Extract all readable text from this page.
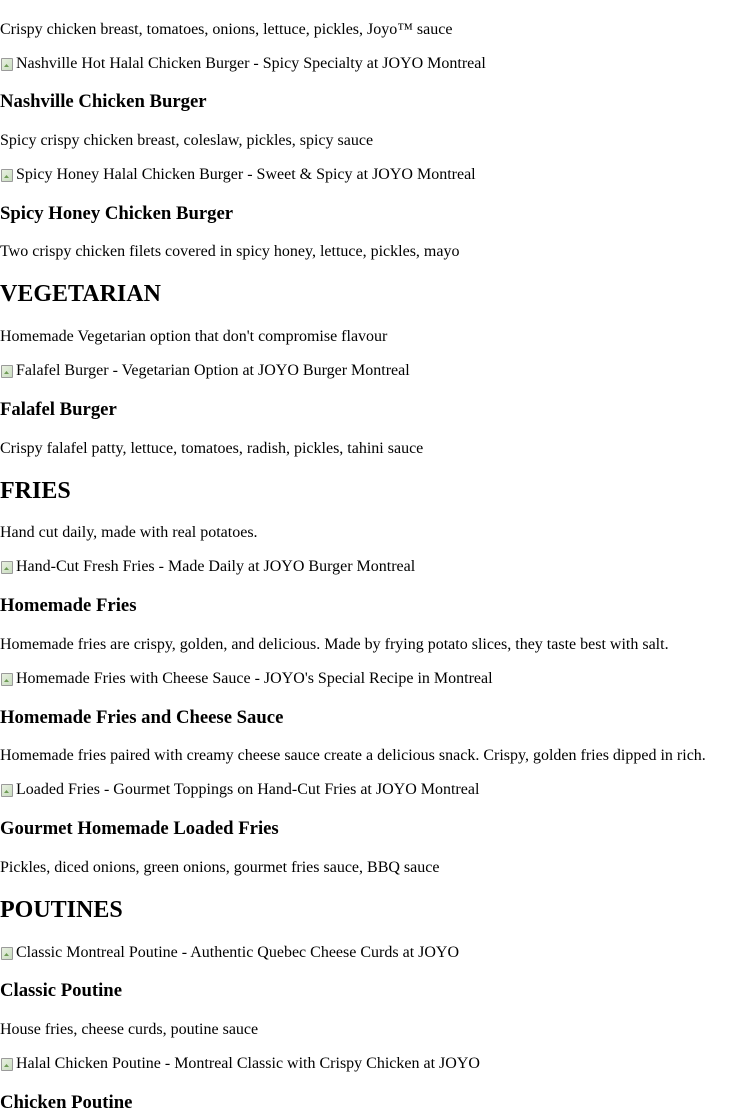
Crispy chicken breast, tomatoes, onions, lettuce, pickles, Joyo™ sauce

Nashville Hot Halal Chicken Burger - Spicy Specialty at JOYO Montreal
Nashville Chicken Burger

Spicy crispy chicken breast, coleslaw, pickles, spicy sauce

Spicy Honey Halal Chicken Burger - Sweet & Spicy at JOYO Montreal
Spicy Honey Chicken Burger

Two crispy chicken filets covered in spicy honey, lettuce, pickles, mayo

VEGETARIAN

Homemade Vegetarian option that don't compromise flavour

Falafel Burger - Vegetarian Option at JOYO Burger Montreal
Falafel Burger

Crispy falafel patty, lettuce, tomatoes, radish, pickles, tahini sauce

FRIES

Hand cut daily, made with real potatoes.

Hand-Cut Fresh Fries - Made Daily at JOYO Burger Montreal
Homemade Fries

Homemade fries are crispy, golden, and delicious. Made by frying potato slices, they taste best with salt.

Homemade Fries with Cheese Sauce - JOYO's Special Recipe in Montreal
Homemade Fries and Cheese Sauce

Homemade fries paired with creamy cheese sauce create a delicious snack. Crispy, golden fries dipped in rich.

Loaded Fries - Gourmet Toppings on Hand-Cut Fries at JOYO Montreal
Gourmet Homemade Loaded Fries

Pickles, diced onions, green onions, gourmet fries sauce, BBQ sauce

POUTINES
Classic Montreal Poutine - Authentic Quebec Cheese Curds at JOYO
Classic Poutine

House fries, cheese curds, poutine sauce

Halal Chicken Poutine - Montreal Classic with Crispy Chicken at JOYO
Chicken Poutine
